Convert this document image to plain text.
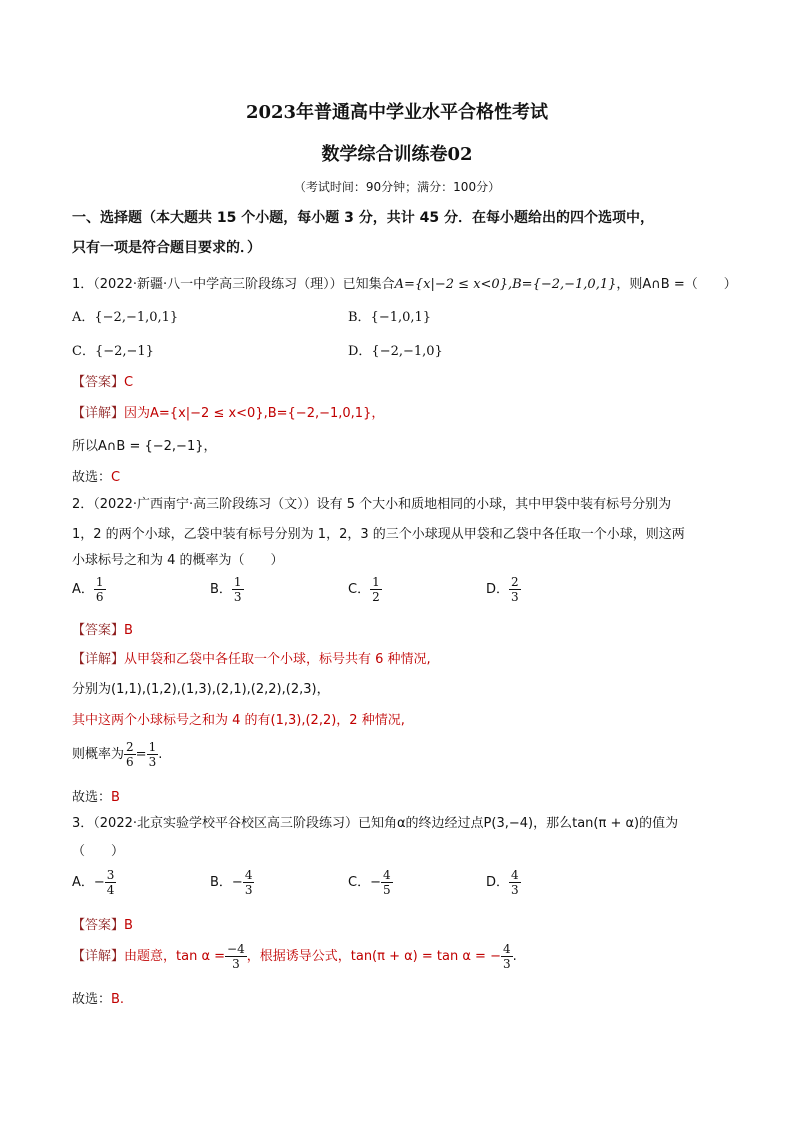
2023年普通高中学业水平合格性考试
数学综合训练卷02
（考试时间：90分钟；满分：100分）
一、选择题（本大题共 15 个小题，每小题 3 分，共计 45 分．在每小题给出的四个选项中，
只有一项是符合题目要求的．）
1．（2022·新疆·八一中学高三阶段练习（理））已知集合A={x|−2 ≤ x<0},B={−2,−1,0,1}，则A∩B =（　　）
A．{−2,−1,0,1}	B．{−1,0,1}
C．{−2,−1}	D．{−2,−1,0}
【答案】C
【详解】因为A={x|−2 ≤ x<0},B={−2,−1,0,1}，
所以A∩B = {−2,−1}，
故选：C
2．（2022·广西南宁·高三阶段练习（文））设有 5 个大小和质地相同的小球，其中甲袋中装有标号分别为
1，2 的两个小球，乙袋中装有标号分别为 1，2，3 的三个小球现从甲袋和乙袋中各任取一个小球，则这两
小球标号之和为 4 的概率为（　　）
A． $\frac{1}{6}$	B． $\frac{1}{3}$	C． $\frac{1}{2}$	D． $\frac{2}{3}$
【答案】B
【详解】从甲袋和乙袋中各任取一个小球，标号共有 6 种情况,
分别为(1,1),(1,2),(1,3),(2,1),(2,2),(2,3)，
其中这两个小球标号之和为 4 的有(1,3),(2,2)，2 种情况,
则概率为 $\frac{2}{6} = \frac{1}{3}$ .
故选：B
3．（2022·北京实验学校平谷校区高三阶段练习）已知角α的终边经过点P(3,−4)，那么tan(π + α)的值为
（　　）
A．− $\frac{3}{4}$	B．− $\frac{4}{3}$	C．− $\frac{4}{5}$	D． $\frac{4}{3}$
【答案】B
【详解】由题意，$\tan \alpha = \frac{-4}{3}$ ，根据诱导公式，tan(π + α) = tan α = − $\frac{4}{3}$ .
故选：B.
